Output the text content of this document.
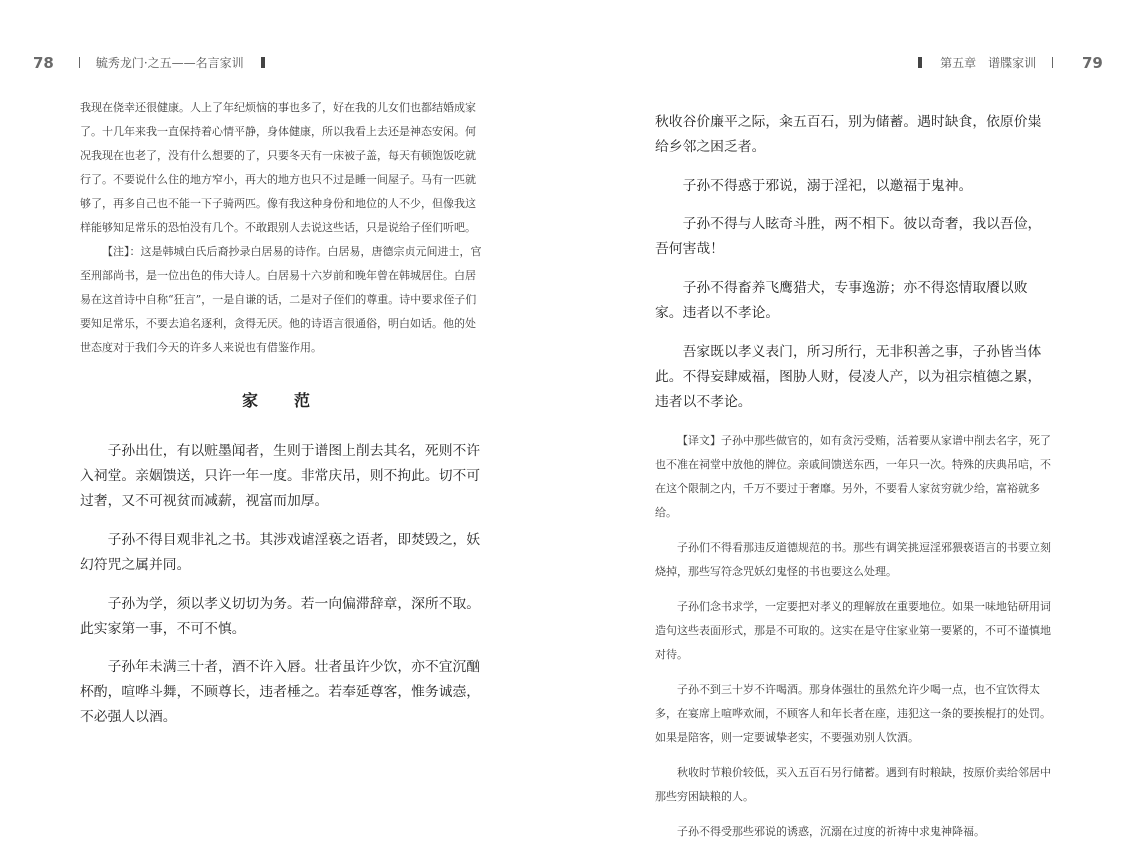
78	毓秀龙门·之五——名言家训	第五章　谱牒家训	79

我现在侥幸还很健康。人上了年纪烦恼的事也多了，好在我的儿女们也都结婚成家了。十几年来我一直保持着心情平静，身体健康，所以我看上去还是神态安闲。何况我现在也老了，没有什么想要的了，只要冬天有一床被子盖，每天有顿饱饭吃就行了。不要说什么住的地方窄小，再大的地方也只不过是睡一间屋子。马有一匹就够了，再多自己也不能一下子骑两匹。像有我这种身份和地位的人不少，但像我这样能够知足常乐的恐怕没有几个。不敢跟别人去说这些话，只是说给子侄们听吧。

【注】：这是韩城白氏后裔抄录白居易的诗作。白居易，唐德宗贞元间进士，官至刑部尚书，是一位出色的伟大诗人。白居易十六岁前和晚年曾在韩城居住。白居易在这首诗中自称“狂言”，一是自谦的话，二是对子侄们的尊重。诗中要求侄子们要知足常乐，不要去追名逐利，贪得无厌。他的诗语言很通俗，明白如话。他的处世态度对于我们今天的许多人来说也有借鉴作用。

家　范

子孙出仕，有以赃墨闻者，生则于谱图上削去其名，死则不许入祠堂。亲姻馈送，只许一年一度。非常庆吊，则不拘此。切不可过奢，又不可视贫而减薪，视富而加厚。

子孙不得目观非礼之书。其涉戏谑淫亵之语者，即焚毁之，妖幻符咒之属并同。

子孙为学，须以孝义切切为务。若一向偏滞辞章，深所不取。此实家第一事，不可不慎。

子孙年未满三十者，酒不许入唇。壮者虽许少饮，亦不宜沉酗杯酌，喧哗斗舞，不顾尊长，违者棰之。若奉延尊客，惟务诚悫，不必强人以酒。

秋收谷价廉平之际，籴五百石，别为储蓄。遇时缺食，依原价粜给乡邻之困乏者。

子孙不得惑于邪说，溺于淫祀，以邀福于鬼神。

子孙不得与人眩奇斗胜，两不相下。彼以奇奢，我以吾俭，吾何害哉！

子孙不得畜养飞鹰猎犬，专事逸游；亦不得恣情取餍以败家。违者以不孝论。

吾家既以孝义表门，所习所行，无非积善之事，子孙皆当体此。不得妄肆威福，图胁人财，侵凌人产，以为祖宗植德之累，违者以不孝论。

【译文】子孙中那些做官的，如有贪污受贿，活着要从家谱中削去名字，死了也不准在祠堂中放他的牌位。亲戚间馈送东西，一年只一次。特殊的庆典吊唁，不在这个限制之内，千万不要过于奢靡。另外，不要看人家贫穷就少给，富裕就多给。

子孙们不得看那违反道德规范的书。那些有调笑挑逗淫邪猥亵语言的书要立刻烧掉，那些写符念咒妖幻鬼怪的书也要这么处理。

子孙们念书求学，一定要把对孝义的理解放在重要地位。如果一味地钻研用词造句这些表面形式，那是不可取的。这实在是守住家业第一要紧的，不可不谨慎地对待。

子孙不到三十岁不许喝酒。那身体强壮的虽然允许少喝一点，也不宜饮得太多，在宴席上喧哗欢闹，不顾客人和年长者在座，违犯这一条的要挨棍打的处罚。如果是陪客，则一定要诚挚老实，不要强劝别人饮酒。

秋收时节粮价较低，买入五百石另行储蓄。遇到有时粮缺，按原价卖给邻居中那些穷困缺粮的人。

子孙不得受那些邪说的诱惑，沉溺在过度的祈祷中求鬼神降福。
